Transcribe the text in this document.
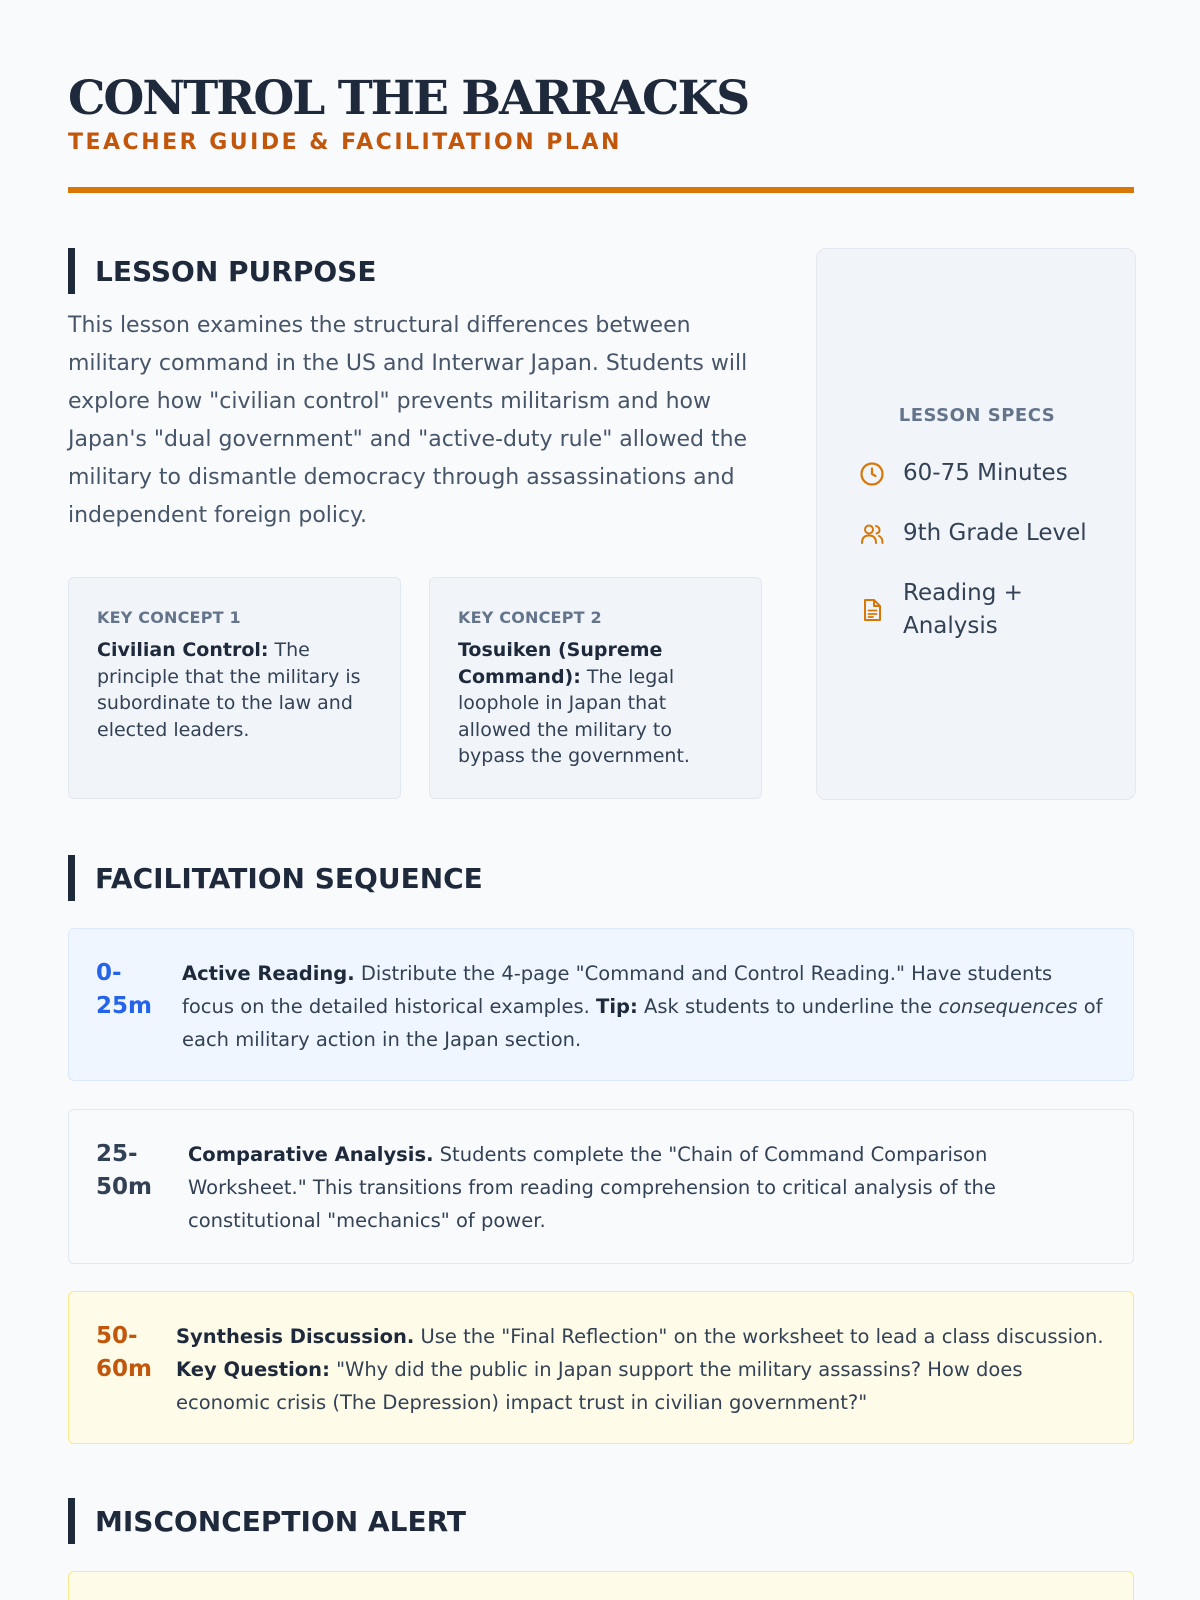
CONTROL THE BARRACKS
TEACHER GUIDE & FACILITATION PLAN
LESSON PURPOSE
This lesson examines the structural differences between military command in the US and Interwar Japan. Students will explore how "civilian control" prevents militarism and how Japan's "dual government" and "active-duty rule" allowed the military to dismantle democracy through assassinations and independent foreign policy.
KEY CONCEPT 1
Civilian Control: The principle that the military is subordinate to the law and elected leaders.
KEY CONCEPT 2
Tosuiken (Supreme Command): The legal loophole in Japan that allowed the military to bypass the government.
LESSON SPECS
60-75 Minutes
9th Grade Level
Reading + Analysis
FACILITATION SEQUENCE
0-25m
Active Reading. Distribute the 4-page "Command and Control Reading." Have students focus on the detailed historical examples. Tip: Ask students to underline the consequences of each military action in the Japan section.
25-50m
Comparative Analysis. Students complete the "Chain of Command Comparison Worksheet." This transitions from reading comprehension to critical analysis of the constitutional "mechanics" of power.
50-60m
Synthesis Discussion. Use the "Final Reflection" on the worksheet to lead a class discussion. Key Question: "Why did the public in Japan support the military assassins? How does economic crisis (The Depression) impact trust in civilian government?"
MISCONCEPTION ALERT
